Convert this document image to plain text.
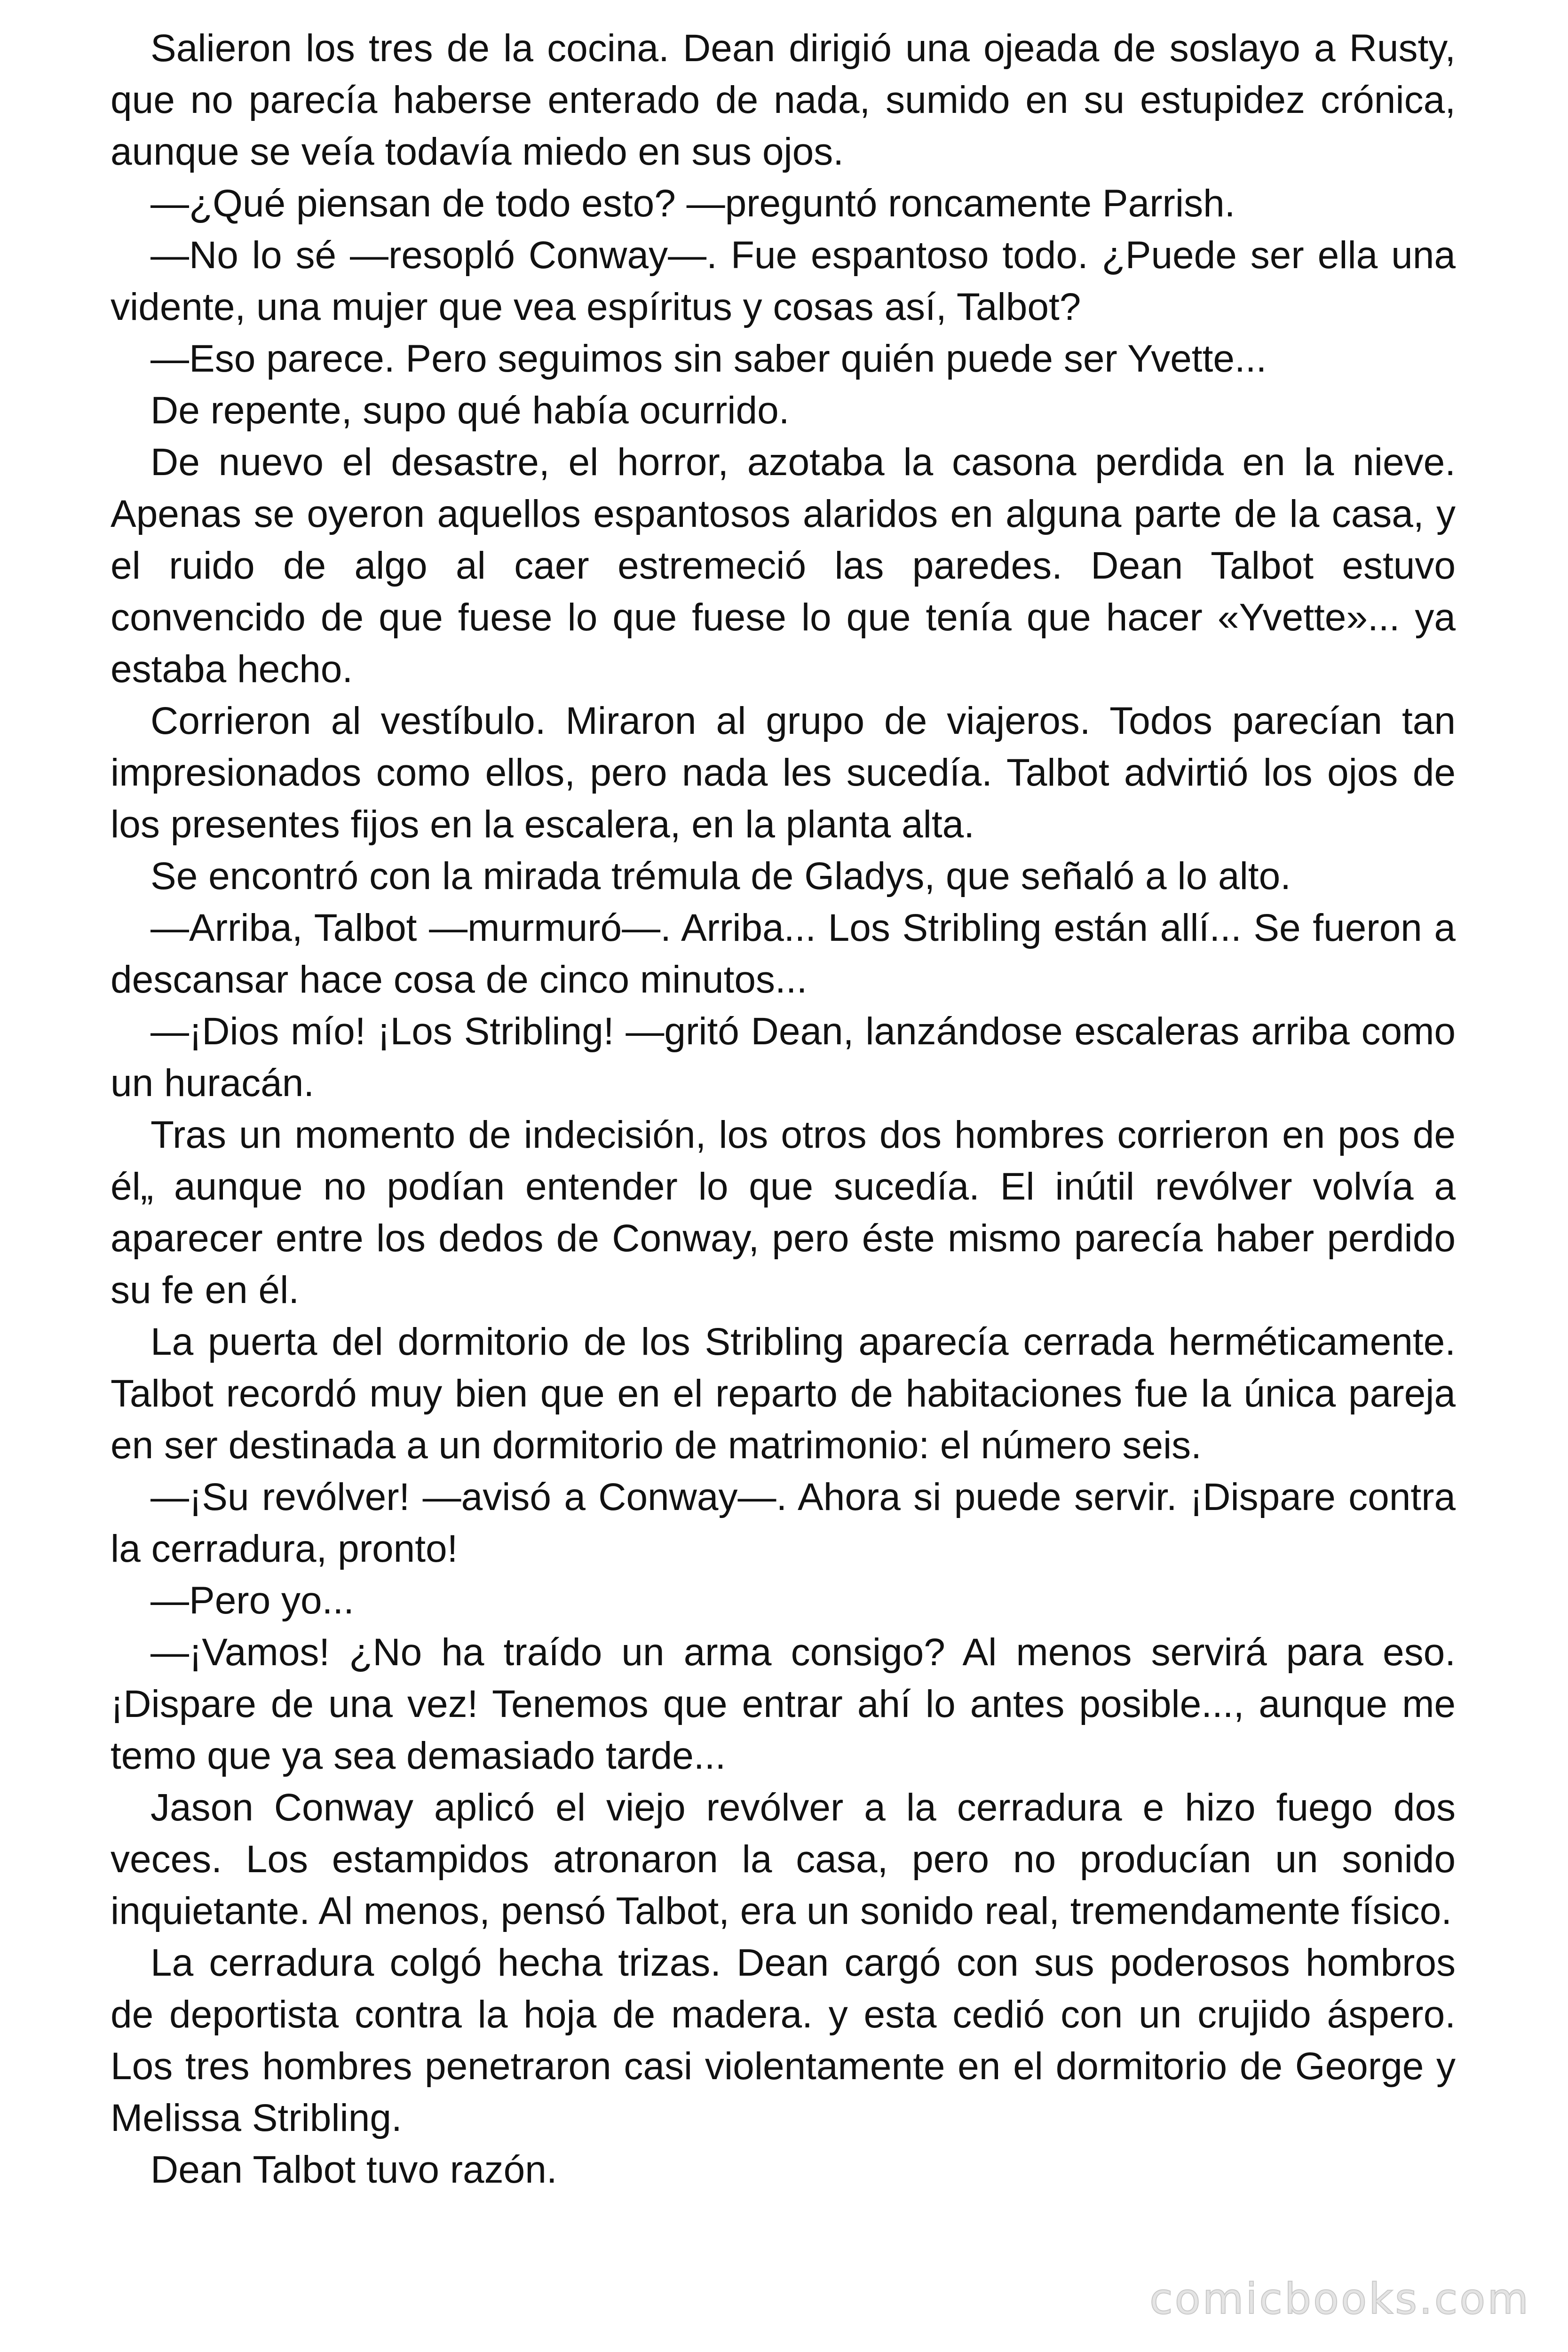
Salieron los tres de la cocina. Dean dirigió una ojeada de soslayo a Rusty, que no parecía haberse enterado de nada, sumido en su estupidez crónica, aunque se veía todavía miedo en sus ojos.

—¿Qué piensan de todo esto? —preguntó roncamente Parrish.

—No lo sé —resopló Conway—. Fue espantoso todo. ¿Puede ser ella una vidente, una mujer que vea espíritus y cosas así, Talbot?

—Eso parece. Pero seguimos sin saber quién puede ser Yvette...

De repente, supo qué había ocurrido.

De nuevo el desastre, el horror, azotaba la casona perdida en la nieve. Apenas se oyeron aquellos espantosos alaridos en alguna parte de la casa, y el ruido de algo al caer estremeció las paredes. Dean Talbot estuvo convencido de que fuese lo que fuese lo que tenía que hacer «Yvette»... ya estaba hecho.

Corrieron al vestíbulo. Miraron al grupo de viajeros. Todos parecían tan impresionados como ellos, pero nada les sucedía. Talbot advirtió los ojos de los presentes fijos en la escalera, en la planta alta.

Se encontró con la mirada trémula de Gladys, que señaló a lo alto.

—Arriba, Talbot —murmuró—. Arriba... Los Stribling están allí... Se fueron a descansar hace cosa de cinco minutos...

—¡Dios mío! ¡Los Stribling! —gritó Dean, lanzándose escaleras arriba como un huracán.

Tras un momento de indecisión, los otros dos hombres corrieron en pos de él„ aunque no podían entender lo que sucedía. El inútil revólver volvía a aparecer entre los dedos de Conway, pero éste mismo parecía haber perdido su fe en él.

La puerta del dormitorio de los Stribling aparecía cerrada herméticamente. Talbot recordó muy bien que en el reparto de habitaciones fue la única pareja en ser destinada a un dormitorio de matrimonio: el número seis.

—¡Su revólver! —avisó a Conway—. Ahora si puede servir. ¡Dispare contra la cerradura, pronto!

—Pero yo...

—¡Vamos! ¿No ha traído un arma consigo? Al menos servirá para eso. ¡Dispare de una vez! Tenemos que entrar ahí lo antes posible..., aunque me temo que ya sea demasiado tarde...

Jason Conway aplicó el viejo revólver a la cerradura e hizo fuego dos veces. Los estampidos atronaron la casa, pero no producían un sonido inquietante. Al menos, pensó Talbot, era un sonido real, tremendamente físico.

La cerradura colgó hecha trizas. Dean cargó con sus poderosos hombros de deportista contra la hoja de madera. y esta cedió con un crujido áspero. Los tres hombres penetraron casi violentamente en el dormitorio de George y Melissa Stribling.

Dean Talbot tuvo razón.

comicbooks.com
